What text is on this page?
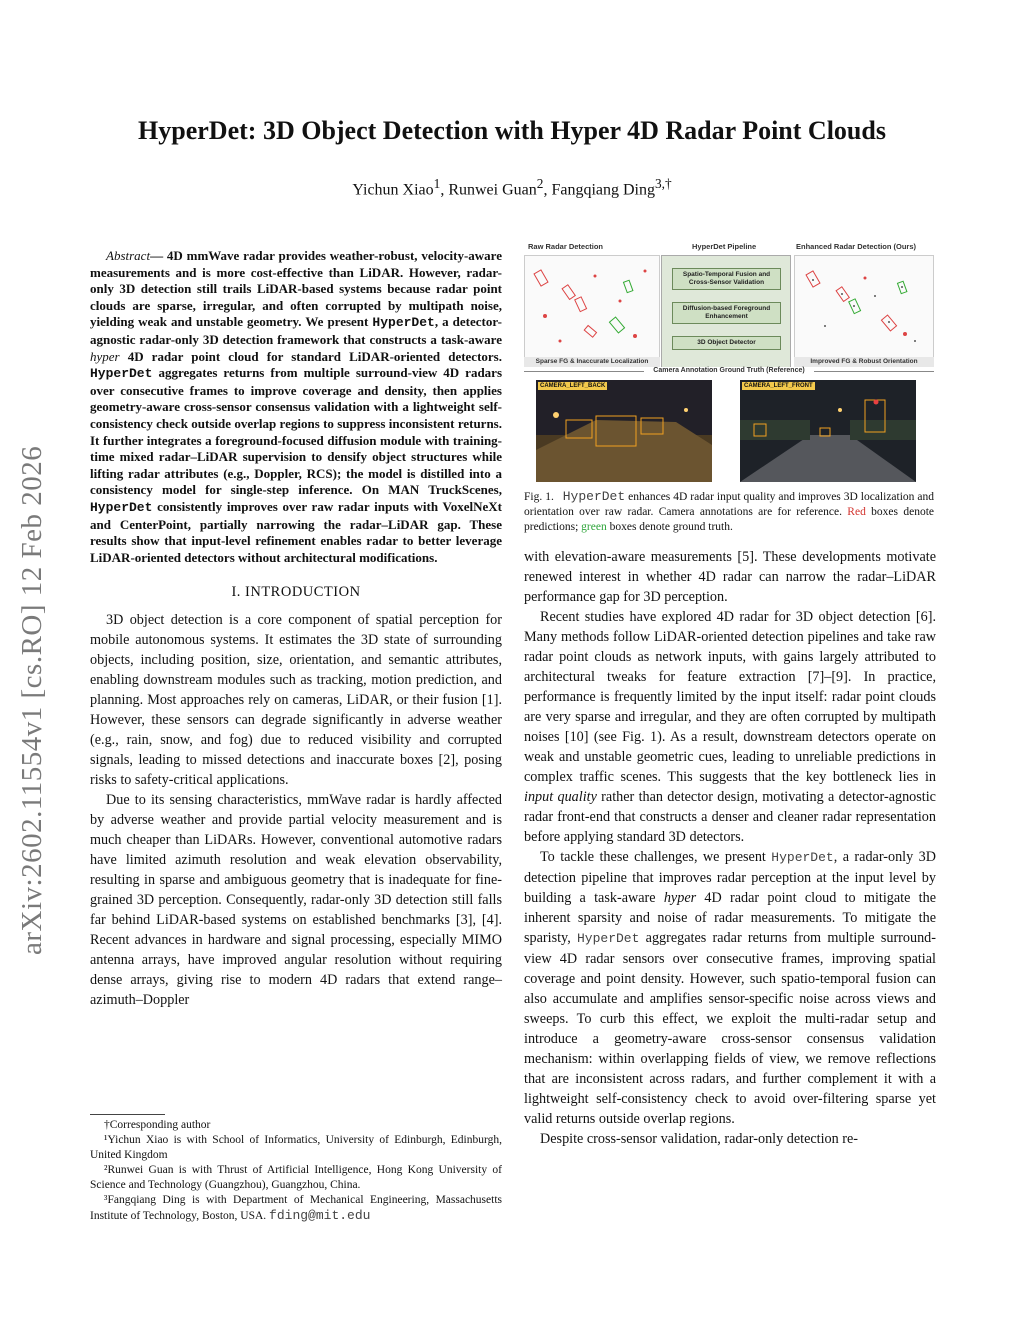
arXiv:2602.11554v1 [cs.RO] 12 Feb 2026
HyperDet: 3D Object Detection with Hyper 4D Radar Point Clouds
Yichun Xiao$^1$, Runwei Guan$^2$, Fangqiang Ding$^{3,\dagger}$

Abstract— 4D mmWave radar provides weather-robust, velocity-aware measurements and is more cost-effective than LiDAR. However, radar-only 3D detection still trails LiDAR-based systems because radar point clouds are sparse, irregular, and often corrupted by multipath noise, yielding weak and unstable geometry. We present HyperDet, a detector-agnostic radar-only 3D detection framework that constructs a task-aware hyper 4D radar point cloud for standard LiDAR-oriented detectors. HyperDet aggregates returns from multiple surround-view 4D radars over consecutive frames to improve coverage and density, then applies geometry-aware cross-sensor consensus validation with a lightweight self-consistency check outside overlap regions to suppress inconsistent returns. It further integrates a foreground-focused diffusion module with training-time mixed radar–LiDAR supervision to densify object structures while lifting radar attributes (e.g., Doppler, RCS); the model is distilled into a consistency model for single-step inference. On MAN TruckScenes, HyperDet consistently improves over raw radar inputs with VoxelNeXt and CenterPoint, partially narrowing the radar–LiDAR gap. These results show that input-level refinement enables radar to better leverage LiDAR-oriented detectors without architectural modifications.

I. INTRODUCTION

3D object detection is a core component of spatial perception for mobile autonomous systems. It estimates the 3D state of surrounding objects, including position, size, orientation, and semantic attributes, enabling downstream modules such as tracking, motion prediction, and planning. Most approaches rely on cameras, LiDAR, or their fusion [1]. However, these sensors can degrade significantly in adverse weather (e.g., rain, snow, and fog) due to reduced visibility and corrupted signals, leading to missed detections and inaccurate boxes [2], posing risks to safety-critical applications.

Due to its sensing characteristics, mmWave radar is hardly affected by adverse weather and provide partial velocity measurement and is much cheaper than LiDARs. However, conventional automotive radars have limited azimuth resolution and weak elevation observability, resulting in sparse and ambiguous geometry that is inadequate for fine-grained 3D perception. Consequently, radar-only 3D detection still falls far behind LiDAR-based systems on established benchmarks [3], [4]. Recent advances in hardware and signal processing, especially MIMO antenna arrays, have improved angular resolution without requiring dense arrays, giving rise to modern 4D radars that extend range–azimuth–Doppler

†Corresponding author

¹Yichun Xiao is with School of Informatics, University of Edinburgh, Edinburgh, United Kingdom

²Runwei Guan is with Thrust of Artificial Intelligence, Hong Kong University of Science and Technology (Guangzhou), Guangzhou, China.

³Fangqiang Ding is with Department of Mechanical Engineering, Massachusetts Institute of Technology, Boston, USA. fding@mit.edu

Raw Radar Detection	HyperDet Pipeline	Enhanced Radar Detection (Ours)
Sparse FG & Inaccurate Localization
Spatio-Temporal Fusion and Cross-Sensor Validation
Diffusion-based Foreground Enhancement
3D Object Detector
Improved FG & Robust Orientation
Camera Annotation Ground Truth (Reference)
CAMERA_LEFT_BACK	CAMERA_LEFT_FRONT
Fig. 1. HyperDet enhances 4D radar input quality and improves 3D localization and orientation over raw radar. Camera annotations are for reference. Red boxes denote predictions; green boxes denote ground truth.

with elevation-aware measurements [5]. These developments motivate renewed interest in whether 4D radar can narrow the radar–LiDAR performance gap for 3D perception.

Recent studies have explored 4D radar for 3D object detection [6]. Many methods follow LiDAR-oriented detection pipelines and take raw radar point clouds as network inputs, with gains largely attributed to architectural tweaks for feature extraction [7]–[9]. In practice, performance is frequently limited by the input itself: radar point clouds are very sparse and irregular, and they are often corrupted by multipath noises [10] (see Fig. 1). As a result, downstream detectors operate on weak and unstable geometric cues, leading to unreliable predictions in complex traffic scenes. This suggests that the key bottleneck lies in input quality rather than detector design, motivating a detector-agnostic radar front-end that constructs a denser and cleaner radar representation before applying standard 3D detectors.

To tackle these challenges, we present HyperDet, a radar-only 3D detection pipeline that improves radar perception at the input level by building a task-aware hyper 4D radar point cloud to mitigate the inherent sparsity and noise of radar measurements. To mitigate the sparisty, HyperDet aggregates radar returns from multiple surround-view 4D radar sensors over consecutive frames, improving spatial coverage and point density. However, such spatio-temporal fusion can also accumulate and amplifies sensor-specific noise across views and sweeps. To curb this effect, we exploit the multi-radar setup and introduce a geometry-aware cross-sensor consensus validation mechanism: within overlapping fields of view, we remove reflections that are inconsistent across radars, and further complement it with a lightweight self-consistency check to avoid over-filtering sparse yet valid returns outside overlap regions.

Despite cross-sensor validation, radar-only detection re-
